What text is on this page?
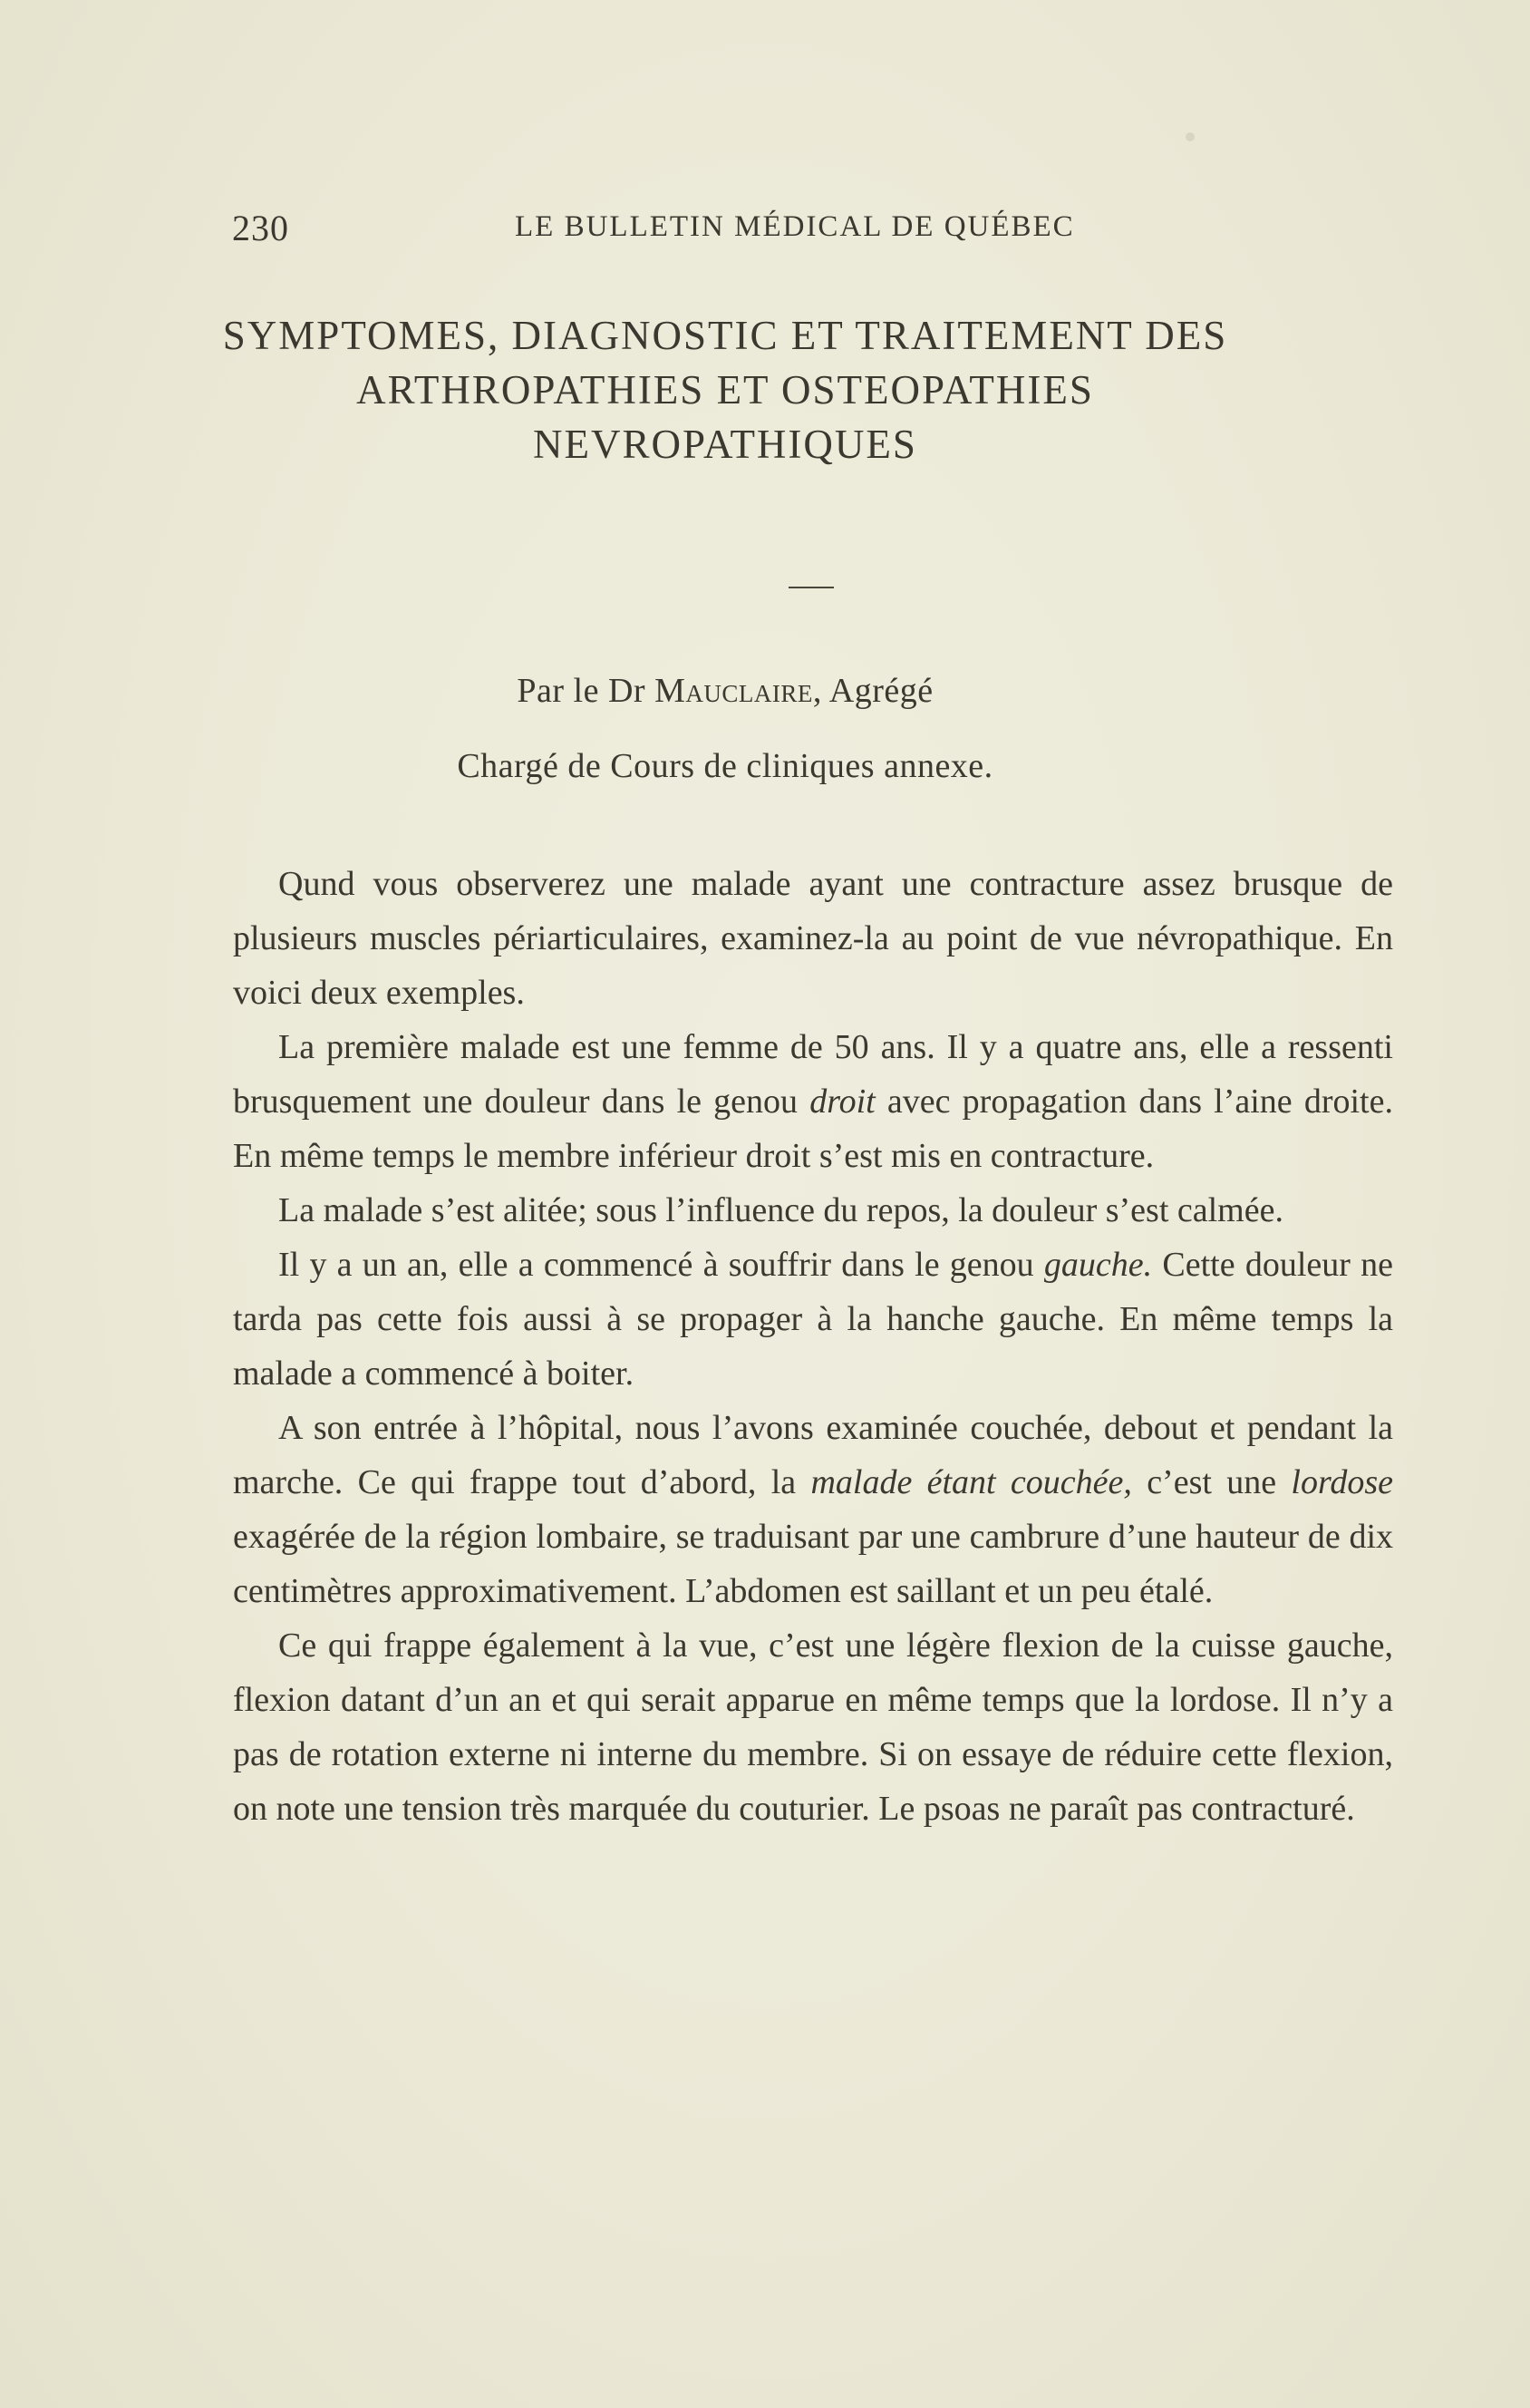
230	LE BULLETIN MÉDICAL DE QUÉBEC
SYMPTOMES, DIAGNOSTIC ET TRAITEMENT DES
ARTHROPATHIES ET OSTEOPATHIES
NEVROPATHIQUES
Par le Dr Mauclaire, Agrégé
Chargé de Cours de cliniques annexe.

Qund vous observerez une malade ayant une contracture assez brusque de plusieurs muscles périarticulaires, examinez-la au point de vue névropathique. En voici deux exemples.

La première malade est une femme de 50 ans. Il y a quatre ans, elle a ressenti brusquement une douleur dans le genou droit avec propagation dans l’aine droite. En même temps le membre inférieur droit s’est mis en contracture.

La malade s’est alitée; sous l’influence du repos, la douleur s’est calmée.

Il y a un an, elle a commencé à souffrir dans le genou gauche. Cette douleur ne tarda pas cette fois aussi à se propager à la hanche gauche. En même temps la malade a commencé à boiter.

A son entrée à l’hôpital, nous l’avons examinée couchée, debout et pendant la marche. Ce qui frappe tout d’abord, la malade étant couchée, c’est une lordose exagérée de la région lombaire, se traduisant par une cambrure d’une hauteur de dix centimètres approximativement. L’abdomen est saillant et un peu étalé.

Ce qui frappe également à la vue, c’est une légère flexion de la cuisse gauche, flexion datant d’un an et qui serait apparue en même temps que la lordose. Il n’y a pas de rotation externe ni interne du membre. Si on essaye de réduire cette flexion, on note une tension très marquée du couturier. Le psoas ne paraît pas contracturé.
